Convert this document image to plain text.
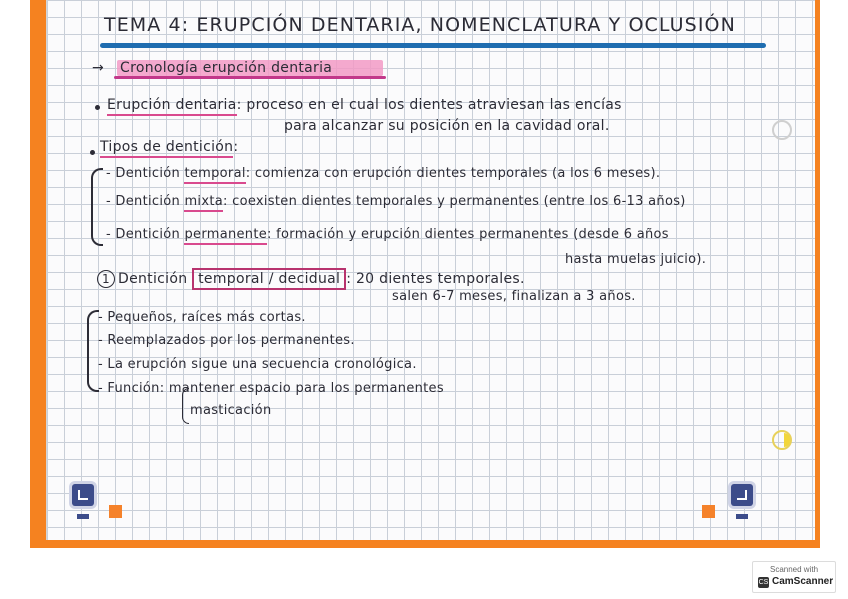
TEMA 4: ERUPCIÓN DENTARIA, NOMENCLATURA Y OCLUSIÓN
→ Cronología erupción dentaria
Erupción dentaria: proceso en el cual los dientes atraviesan las encías
para alcanzar su posición en la cavidad oral.
Tipos de dentición:
- Dentición temporal: comienza con erupción dientes temporales (a los 6 meses).
- Dentición mixta: coexisten dientes temporales y permanentes (entre los 6-13 años)
- Dentición permanente: formación y erupción dientes permanentes (desde 6 años
hasta muelas juicio).
1 Dentición temporal / decidual : 20 dientes temporales.
salen 6-7 meses, finalizan a 3 años.
- Pequeños, raíces más cortas.
- Reemplazados por los permanentes.
- La erupción sigue una secuencia cronológica.
- Función: mantener espacio para los permanentes
masticación
Scanned with
CS CamScanner
